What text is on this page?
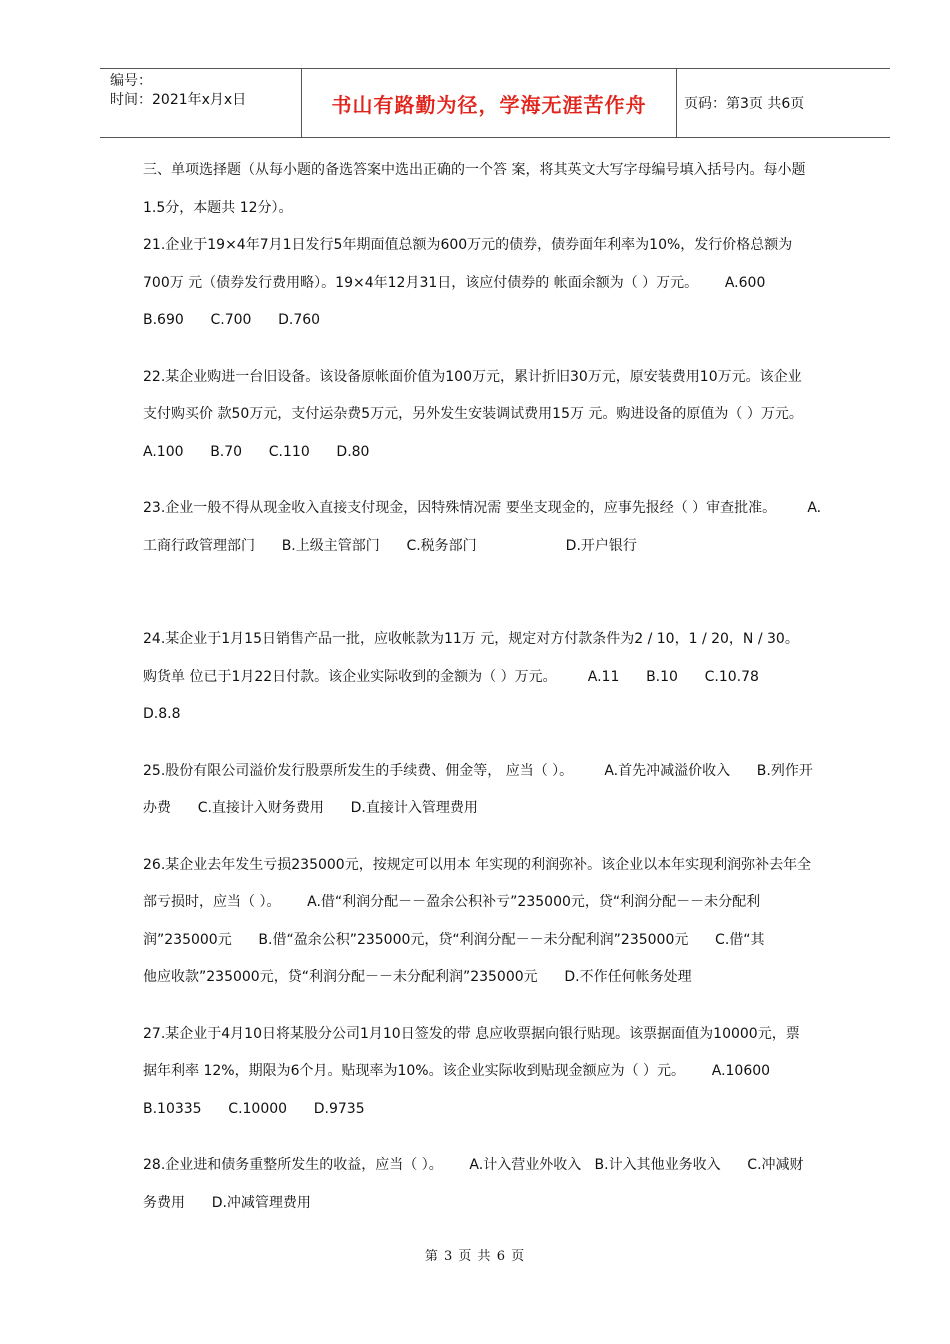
编号：
时间：2021年x月x日	书山有路勤为径，学海无涯苦作舟	页码：第3页 共6页
三、单项选择题（从每小题的备选答案中选出正确的一个答 案，将其英文大写字母编号填入括号内。每小题
1.5分，本题共 12分）。
21.企业于19×4年7月1日发行5年期面值总额为600万元的债券，债券面年利率为10%，发行价格总额为
700万 元（债券发行费用略）。19×4年12月31日，该应付债券的 帐面余额为（ ）万元。      A.600
B.690      C.700      D.760
22.某企业购进一台旧设备。该设备原帐面价值为100万元，累计折旧30万元，原安装费用10万元。该企业
支付购买价 款50万元，支付运杂费5万元，另外发生安装调试费用15万 元。购进设备的原值为（ ）万元。
A.100      B.70      C.110      D.80
23.企业一般不得从现金收入直接支付现金，因特殊情况需 要坐支现金的，应事先报经（ ）审查批准。       A.
工商行政管理部门      B.上级主管部门      C.税务部门                    D.开户银行
24.某企业于1月15日销售产品一批，应收帐款为11万 元，规定对方付款条件为2 / 10，1 / 20，N / 30。
购货单 位已于1月22日付款。该企业实际收到的金额为（ ）万元。       A.11      B.10      C.10.78
D.8.8
25.股份有限公司溢价发行股票所发生的手续费、佣金等， 应当（ ）。       A.首先冲减溢价收入      B.列作开
办费      C.直接计入财务费用      D.直接计入管理费用
26.某企业去年发生亏损235000元，按规定可以用本 年实现的利润弥补。该企业以本年实现利润弥补去年全
部亏损时，应当（ ）。      A.借“利润分配－－盈余公积补亏”235000元，贷“利润分配－－未分配利
润”235000元      B.借“盈余公积”235000元，贷“利润分配－－未分配利润”235000元      C.借“其
他应收款”235000元，贷“利润分配－－未分配利润”235000元      D.不作任何帐务处理
27.某企业于4月10日将某股分公司1月10日签发的带 息应收票据向银行贴现。该票据面值为10000元，票
据年利率 12%，期限为6个月。贴现率为10%。该企业实际收到贴现金额应为（ ）元。      A.10600
B.10335      C.10000      D.9735
28.企业进和债务重整所发生的收益，应当（ ）。      A.计入营业外收入   B.计入其他业务收入      C.冲减财
务费用      D.冲减管理费用
第 3 页 共 6 页
